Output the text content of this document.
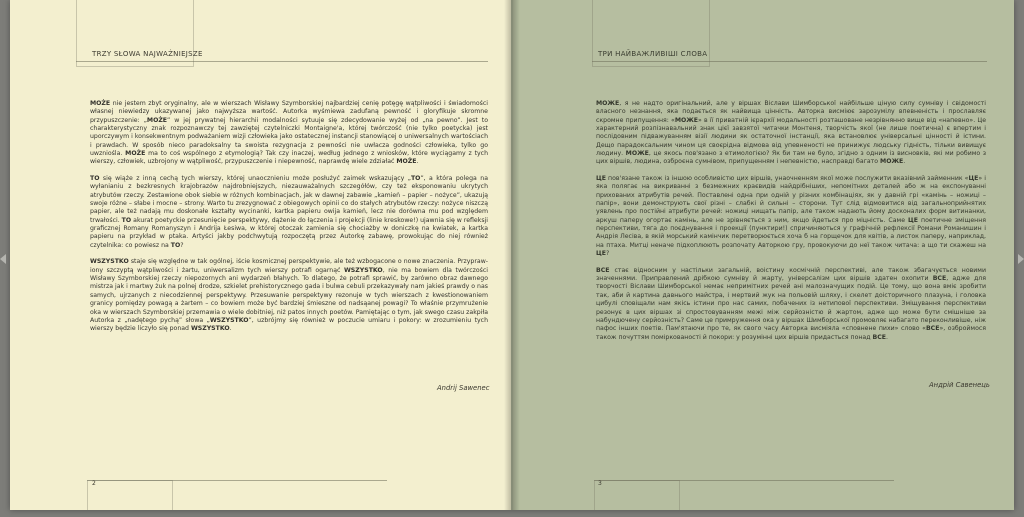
TRZY SŁOWA NAJWAŻNIEJSZE

MOŻE nie jestem zbyt oryginalny, ale w wierszach Wisławy Szymborskiej najbardziej cenię potęgę wątpliwości i świadomości własnej niewiedzy ukazywanej jako najwyższa wartość. Autorka wyśmiewa zadufaną pewność i gloryfikuje skromne przypuszczenie: „MOŻE” w jej prywatnej hierarchii modalności sytuuje się zdecydowanie wyżej od „na pewno”. Jest to charakterystyczny znak rozpoznawczy tej zawziętej czytelniczki Montaigne'a, której twórczość (nie tylko poetycka) jest uporczywym i konsekwentnym podważaniem wizji człowieka jako ostatecznej instancji stanowiącej o uniwersalnych wartościach i prawdach. W sposób nieco paradoksalny ta swoista rezygnacja z pewności nie uwłacza godności człowieka, tylko go uwzniośla. MOŻE ma to coś wspólnego z etymologią? Tak czy inaczej, według jednego z wniosków, które wyciągamy z tych wierszy, człowiek, uzbrojony w wątpliwość, przypuszczenie i niepewność, naprawdę wiele zdziałać MOŻE.

TO się wiąże z inną cechą tych wierszy, której unaocznieniu może posłużyć zaimek wskazujący „TO”, a która polega na wyłanianiu z bezkresnych krajobrazów najdrobniejszych, niezauważalnych szczegółów, czy też eksponowaniu ukrytych atrybutów rzeczy. Zestawione obok siebie w różnych kombinacjach, jak w dawnej zabawie „kamień – papier – nożyce”, ukazują swoje różne – słabe i mocne – strony. Warto tu zrezygnować z obiegowych opinii co do stałych atrybutów rzeczy: nożyce niszczą papier, ale też nadają mu doskonałe kształty wycinanki, kartka papieru owija kamień, lecz nie dorówna mu pod względem trwałości. TO akurat poetyckie przesunięcie perspektywy, dążenie do łączenia i projekcji (linie kreskowe!) ujawnia się w refleksji graficznej Romany Romanyszyn i Andrija Łesiwa, w której otoczak zamienia się chociażby w doniczkę na kwiatek, a kartka papieru na przykład w ptaka. Artyści jakby podchwytują rozpoczętą przez Autorkę zabawę, prowokując do niej również czytelnika: co powiesz na TO?

WSZYSTKO staje się względne w tak ogólnej, iście kosmicznej perspektywie, ale też wzbogacone o nowe znaczenia. Przyprawiony szczyptą wątpliwości i żartu, uniwersalizm tych wierszy potrafi ogarnąć WSZYSTKO, nie ma bowiem dla twórczości Wisławy Szymborskiej rzeczy niepozornych ani wydarzeń błahych. To dlatego, że potrafi sprawić, by zarówno obraz dawnego mistrza jak i martwy żuk na polnej drodze, szkielet prehistorycznego gada i bulwa cebuli przekazywały nam jakieś prawdy o nas samych, ujrzanych z niecodziennej perspektywy. Przesuwanie perspektywy rezonuje w tych wierszach z kwestionowaniem granicy pomiędzy powagą a żartem – co bowiem może być bardziej śmieszne od nadsąanej powagi? To właśnie przymrużenie oka w wierszach Szymborskiej przemawia o wiele dobitniej, niż patos innych poetów. Pamiętając o tym, jak swego czasu zakpiła Autorka z „nadętego pychą” słowa „WSZYSTKO”, uzbrójmy się również w poczucie umiaru i pokory: w zrozumieniu tych wierszy będzie liczyło się ponad WSZYSTKO.

Andrij Sawenec
2
ТРИ НАЙВАЖЛИВІШІ СЛОВА

МОЖЕ, я не надто оригінальний, але у віршах Віслави Шимборської найбільше ціную силу сумніву і свідомості власного незнання, яка подається як найвища цінність. Авторка висміює зарозумілу впевненість і прославляє скромне припущення: «МОЖЕ» в її приватній ієрархії модальності розташоване незрівнянно вище від «напевно». Це характерний розпізнавальний знак цієї завзятої читачки Монтеня, творчість якої (не лише поетична) є впертим і послідовним підважуванням візії людини як остаточної інстанції, яка встановлює універсальні цінності й істини. Дещо парадоксальним чином ця своєрідна відмова від упевненості не принижує людську гідність, тільки вивищує людину. МОЖЕ, це якось пов'язано з етимологією? Як би там не було, згідно з одним із висновків, які ми робимо з цих віршів, людина, озброєна сумнівом, припущенням і непевністю, насправді багато МОЖЕ.

ЦЕ пов'язане також із іншою особливістю цих віршів, унаочненням якої може послужити вказівний займенник «ЦЕ» і яка полягає на викриванні з безмежних краєвидів найдрібніших, непомітних деталей або ж на експонуванні прихованих атрибутів речей. Поставлені одна при одній у різних комбінаціях, як у давній грі «камінь – ножиці – папір», вони демонструють свої різні – слабкі й сильні – сторони. Тут слід відмовитися від загальноприйнятих уявлень про постійні атрибути речей: ножиці нищать папір, але також надають йому досконалих форм витинанки, аркуш паперу огортає камінь, але не зрівняється з ним, якщо йдеться про міцність. Саме ЦЕ поетичне зміщення перспективи, тяга до поєднування і проекції (пунктири!) спричиняються у графічній рефлексії Романи Романишин і Андрія Лесіва, в якій морський камінчик перетворюється хоча б на горщечок для квітів, а листок паперу, наприклад, на птаха. Митці неначе підхоплюють розпочату Авторкою гру, провокуючи до неї також читача: а що ти скажеш на ЦЕ?

ВСЕ стає відносним у настільки загальній, воістину космічній перспективі, але також збагачується новими значеннями. Приправлений дрібкою сумніву й жарту, універсалізм цих віршів здатен охопити ВСЕ, адже для творчості Віслави Шимборської немає непримітних речей ані малозначущих подій. Це тому, що вона вміє зробити так, аби й картина давнього майстра, і мертвий жук на польовій шляху, і скелет доісторичного плазуна, і головка цибулі сповіщали нам якісь істини про нас самих, побачених із нетипової перспективи. Зміщування перспективи резонує в цих віршах зі спростовуванням межі між серйозністю й жартом, адже що може бути смішніше за набундючену серйозність? Саме це примруження ока у віршах Шимборської промовляє набагато переконливіше, ніж пафос інших поетів. Пам'ятаючи про те, як свого часу Авторка висміяла «сповнене пихи» слово «ВСЕ», озброймося також почуттям поміркованості й покори: у розумінні цих віршів придасться понад ВСЕ.

Андрій Савенець
3
